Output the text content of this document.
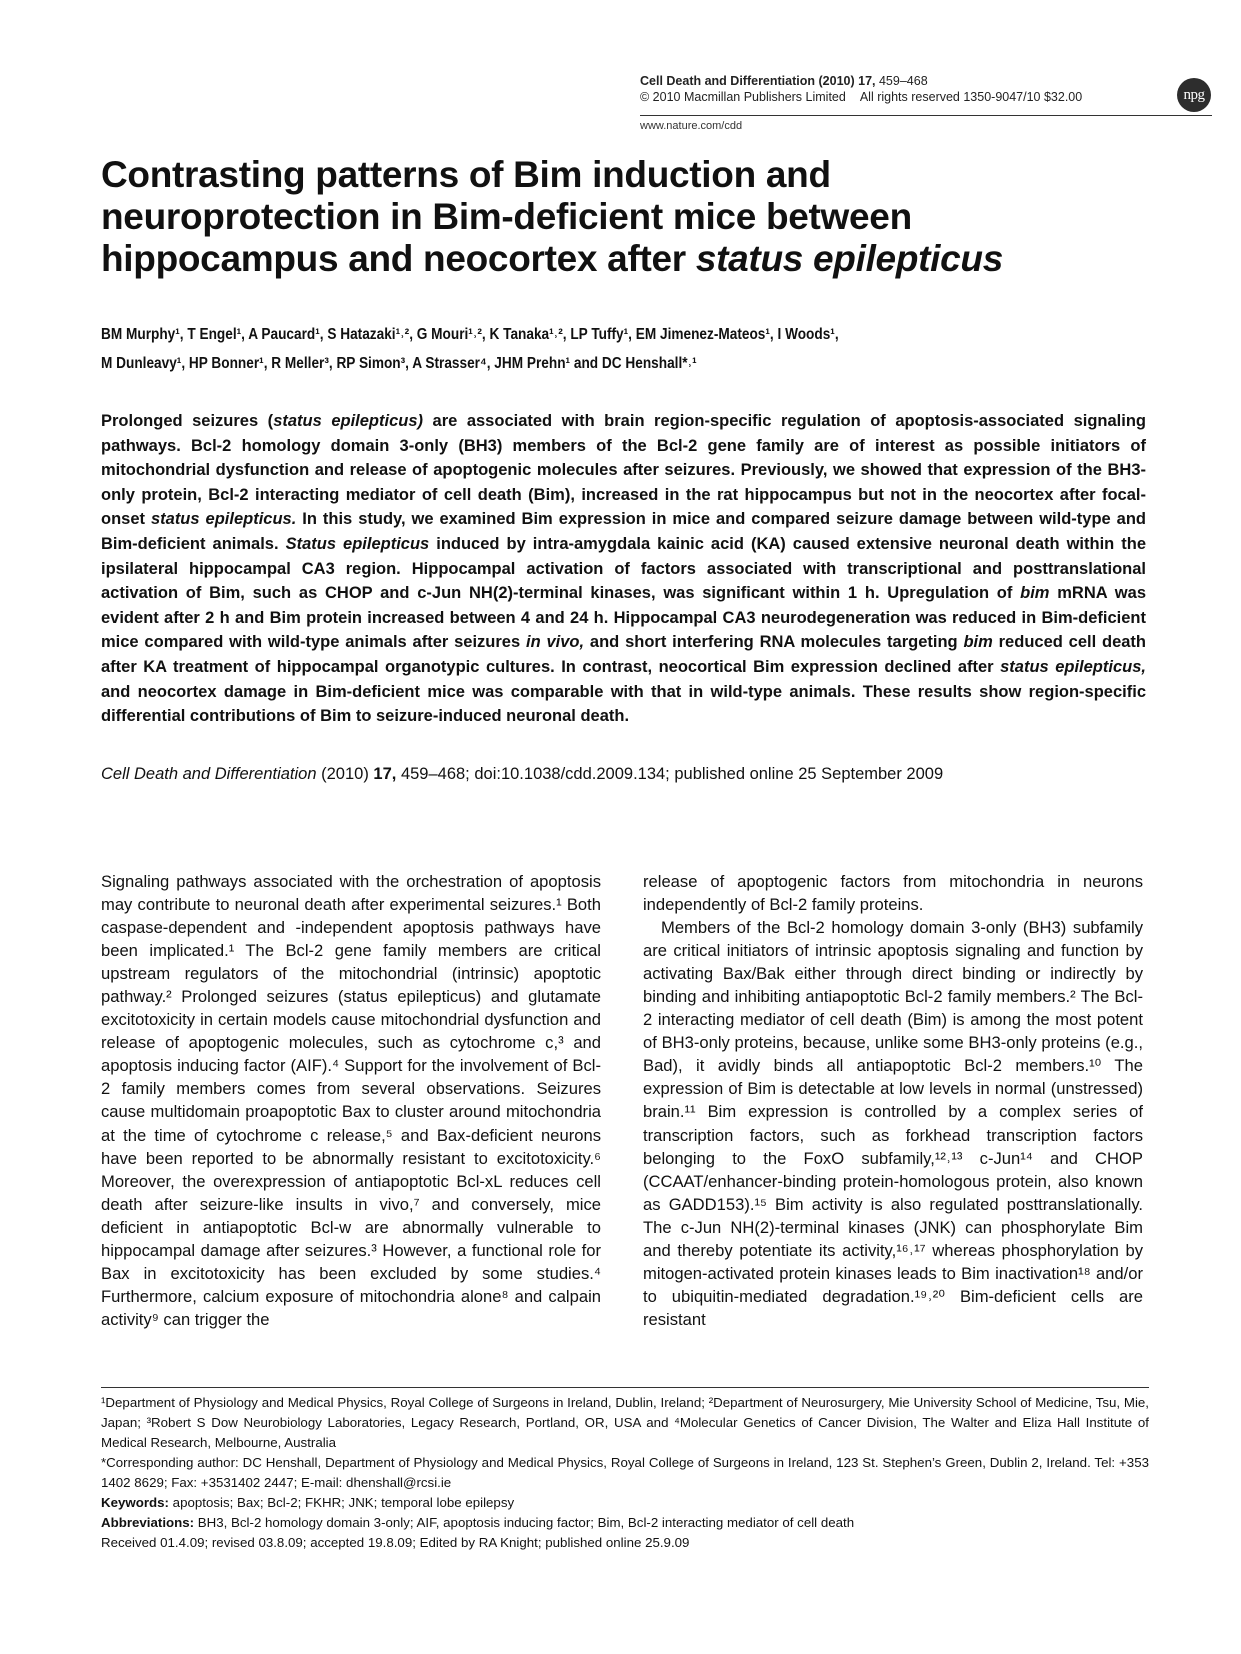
Cell Death and Differentiation (2010) 17, 459–468
© 2010 Macmillan Publishers Limited All rights reserved 1350-9047/10 $32.00	npg
www.nature.com/cdd
Contrasting patterns of Bim induction and
neuroprotection in Bim-deficient mice between
hippocampus and neocortex after status epilepticus
BM Murphy¹, T Engel¹, A Paucard¹, S Hatazaki¹˒², G Mouri¹˒², K Tanaka¹˒², LP Tuffy¹, EM Jimenez-Mateos¹, I Woods¹,
M Dunleavy¹, HP Bonner¹, R Meller³, RP Simon³, A Strasser⁴, JHM Prehn¹ and DC Henshall*˒¹
Prolonged seizures (status epilepticus) are associated with brain region-specific regulation of apoptosis-associated signaling pathways. Bcl-2 homology domain 3-only (BH3) members of the Bcl-2 gene family are of interest as possible initiators of mitochondrial dysfunction and release of apoptogenic molecules after seizures. Previously, we showed that expression of the BH3-only protein, Bcl-2 interacting mediator of cell death (Bim), increased in the rat hippocampus but not in the neocortex after focal-onset status epilepticus. In this study, we examined Bim expression in mice and compared seizure damage between wild-type and Bim-deficient animals. Status epilepticus induced by intra-amygdala kainic acid (KA) caused extensive neuronal death within the ipsilateral hippocampal CA3 region. Hippocampal activation of factors associated with transcriptional and posttranslational activation of Bim, such as CHOP and c-Jun NH(2)-terminal kinases, was significant within 1 h. Upregulation of bim mRNA was evident after 2 h and Bim protein increased between 4 and 24 h. Hippocampal CA3 neurodegeneration was reduced in Bim-deficient mice compared with wild-type animals after seizures in vivo, and short interfering RNA molecules targeting bim reduced cell death after KA treatment of hippocampal organotypic cultures. In contrast, neocortical Bim expression declined after status epilepticus, and neocortex damage in Bim-deficient mice was comparable with that in wild-type animals. These results show region-specific differential contributions of Bim to seizure-induced neuronal death.
Cell Death and Differentiation (2010) 17, 459–468; doi:10.1038/cdd.2009.134; published online 25 September 2009

Signaling pathways associated with the orchestration of apoptosis may contribute to neuronal death after experimental seizures.¹ Both caspase-dependent and -independent apoptosis pathways have been implicated.¹ The Bcl-2 gene family members are critical upstream regulators of the mitochondrial (intrinsic) apoptotic pathway.² Prolonged seizures (status epilepticus) and glutamate excitotoxicity in certain models cause mitochondrial dysfunction and release of apoptogenic molecules, such as cytochrome c,³ and apoptosis inducing factor (AIF).⁴ Support for the involvement of Bcl-2 family members comes from several observations. Seizures cause multidomain proapoptotic Bax to cluster around mitochondria at the time of cytochrome c release,⁵ and Bax-deficient neurons have been reported to be abnormally resistant to excitotoxicity.⁶ Moreover, the overexpression of antiapoptotic Bcl-xL reduces cell death after seizure-like insults in vivo,⁷ and conversely, mice deficient in antiapoptotic Bcl-w are abnormally vulnerable to hippocampal damage after seizures.³ However, a functional role for Bax in excitotoxicity has been excluded by some studies.⁴ Furthermore, calcium exposure of mitochondria alone⁸ and calpain activity⁹ can trigger the

release of apoptogenic factors from mitochondria in neurons independently of Bcl-2 family proteins.

Members of the Bcl-2 homology domain 3-only (BH3) subfamily are critical initiators of intrinsic apoptosis signaling and function by activating Bax/Bak either through direct binding or indirectly by binding and inhibiting antiapoptotic Bcl-2 family members.² The Bcl-2 interacting mediator of cell death (Bim) is among the most potent of BH3-only proteins, because, unlike some BH3-only proteins (e.g., Bad), it avidly binds all antiapoptotic Bcl-2 members.¹⁰ The expression of Bim is detectable at low levels in normal (unstressed) brain.¹¹ Bim expression is controlled by a complex series of transcription factors, such as forkhead transcription factors belonging to the FoxO subfamily,¹²˒¹³ c-Jun¹⁴ and CHOP (CCAAT/enhancer-binding protein-homologous protein, also known as GADD153).¹⁵ Bim activity is also regulated posttranslationally. The c-Jun NH(2)-terminal kinases (JNK) can phosphorylate Bim and thereby potentiate its activity,¹⁶˒¹⁷ whereas phosphorylation by mitogen-activated protein kinases leads to Bim inactivation¹⁸ and/or to ubiquitin-mediated degradation.¹⁹˒²⁰ Bim-deficient cells are resistant

¹Department of Physiology and Medical Physics, Royal College of Surgeons in Ireland, Dublin, Ireland; ²Department of Neurosurgery, Mie University School of Medicine, Tsu, Mie, Japan; ³Robert S Dow Neurobiology Laboratories, Legacy Research, Portland, OR, USA and ⁴Molecular Genetics of Cancer Division, The Walter and Eliza Hall Institute of Medical Research, Melbourne, Australia
*Corresponding author: DC Henshall, Department of Physiology and Medical Physics, Royal College of Surgeons in Ireland, 123 St. Stephen’s Green, Dublin 2, Ireland. Tel: +353 1402 8629; Fax: +3531402 2447; E-mail: dhenshall@rcsi.ie
Keywords: apoptosis; Bax; Bcl-2; FKHR; JNK; temporal lobe epilepsy
Abbreviations: BH3, Bcl-2 homology domain 3-only; AIF, apoptosis inducing factor; Bim, Bcl-2 interacting mediator of cell death
Received 01.4.09; revised 03.8.09; accepted 19.8.09; Edited by RA Knight; published online 25.9.09
